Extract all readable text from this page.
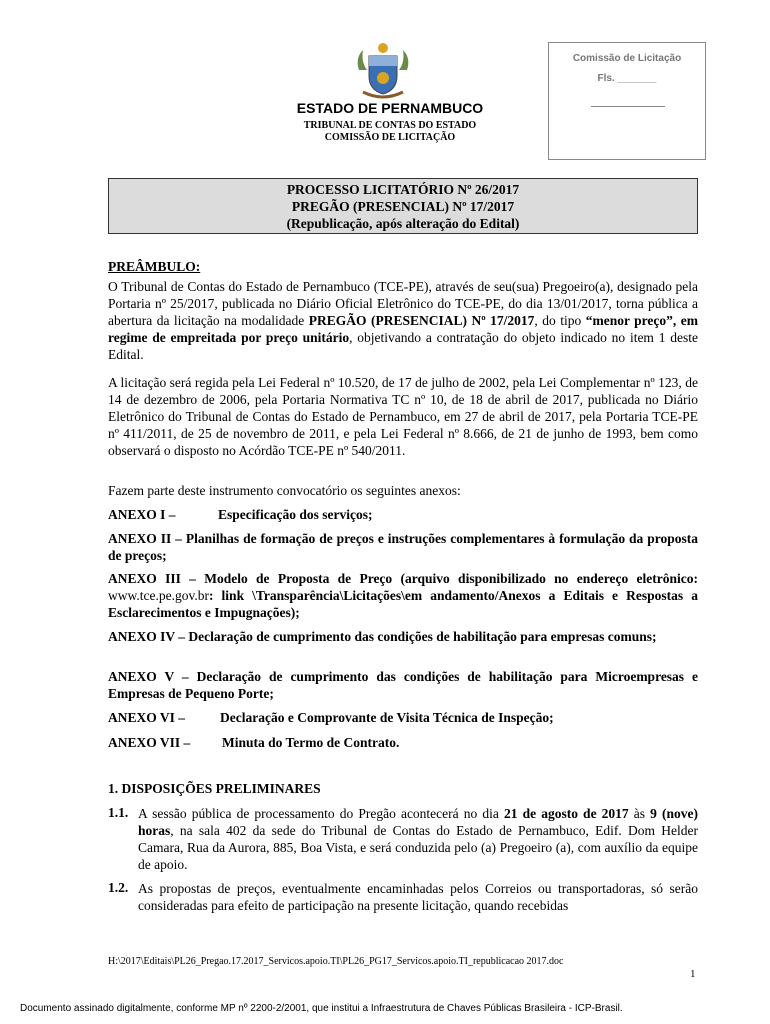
ESTADO DE PERNAMBUCO
TRIBUNAL DE CONTAS DO ESTADO
COMISSÃO DE LICITAÇÃO
Comissão de Licitação
Fls. _______
PROCESSO LICITATÓRIO Nº 26/2017
PREGÃO (PRESENCIAL) Nº 17/2017
(Republicação, após alteração do Edital)
PREÂMBULO:
O Tribunal de Contas do Estado de Pernambuco (TCE-PE), através de seu(sua) Pregoeiro(a), designado pela Portaria nº 25/2017, publicada no Diário Oficial Eletrônico do TCE-PE, do dia 13/01/2017, torna pública a abertura da licitação na modalidade PREGÃO (PRESENCIAL) Nº 17/2017, do tipo “menor preço”, em regime de empreitada por preço unitário, objetivando a contratação do objeto indicado no item 1 deste Edital.
A licitação será regida pela Lei Federal nº 10.520, de 17 de julho de 2002, pela Lei Complementar nº 123, de 14 de dezembro de 2006, pela Portaria Normativa TC nº 10, de 18 de abril de 2017, publicada no Diário Eletrônico do Tribunal de Contas do Estado de Pernambuco, em 27 de abril de 2017, pela Portaria TCE-PE nº 411/2011, de 25 de novembro de 2011, e pela Lei Federal nº 8.666, de 21 de junho de 1993, bem como observará o disposto no Acórdão TCE-PE nº 540/2011.
Fazem parte deste instrumento convocatório os seguintes anexos:
ANEXO I –	Especificação dos serviços;
ANEXO II – Planilhas de formação de preços e instruções complementares à formulação da proposta de preços;
ANEXO III – Modelo de Proposta de Preço (arquivo disponibilizado no endereço eletrônico: www.tce.pe.gov.br: link \Transparência\Licitações\em andamento/Anexos a Editais e Respostas a Esclarecimentos e Impugnações);
ANEXO IV – Declaração de cumprimento das condições de habilitação para empresas comuns;
ANEXO V – Declaração de cumprimento das condições de habilitação para Microempresas e Empresas de Pequeno Porte;
ANEXO VI –	Declaração e Comprovante de Visita Técnica de Inspeção;
ANEXO VII – Minuta do Termo de Contrato.
1. DISPOSIÇÕES PRELIMINARES
1.1. A sessão pública de processamento do Pregão acontecerá no dia 21 de agosto de 2017 às 9 (nove) horas, na sala 402 da sede do Tribunal de Contas do Estado de Pernambuco, Edif. Dom Helder Camara, Rua da Aurora, 885, Boa Vista, e será conduzida pelo (a) Pregoeiro (a), com auxílio da equipe de apoio.
1.2. As propostas de preços, eventualmente encaminhadas pelos Correios ou transportadoras, só serão consideradas para efeito de participação na presente licitação, quando recebidas
H:\2017\Editais\PL26_Pregao.17.2017_Servicos.apoio.TI\PL26_PG17_Servicos.apoio.TI_republicacao 2017.doc
1
Documento assinado digitalmente, conforme MP nº 2200-2/2001, que institui a Infraestrutura de Chaves Públicas Brasileira - ICP-Brasil.
